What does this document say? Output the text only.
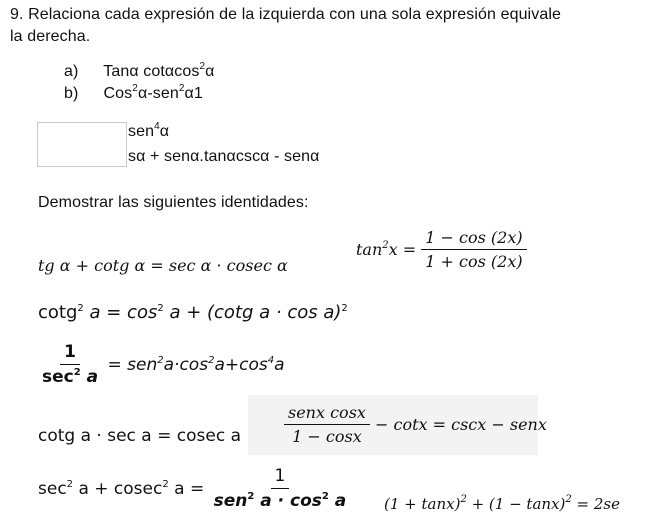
9. Relaciona cada expresión de la izquierda con una sola expresión equivale
la derecha.
a) Tanα cotαcos$^2$α
b) Cos$^2$α-sen$^2$α1
sen$^4$α
sα + senα.tanαcscα - senα
Demostrar las siguientes identidades:
tg α + cotg α = sec α · cosec α
$\tan^2x = \frac{1 - \cos (2x)}{1 + \cos (2x)}$
cotg$^2$ $a = \cos^2 a + (\cot g$ a · cos a)$^2$
$\frac{1}{\sec^2 a} = sen^2a\cdot\cos^2a+\cos^4a$
cotg a · sec a = cosec a	$\frac{\text{senx cosx}}{1 - \cos x} - \cot x = \csc x$ − senx
$\sec^2 a + cosec^2$ $a = \frac{1}{sen^2 a \cdot \cos^2 a} (1 + \tan x)^2 + (1 - \tan x)^2 = 2se$
